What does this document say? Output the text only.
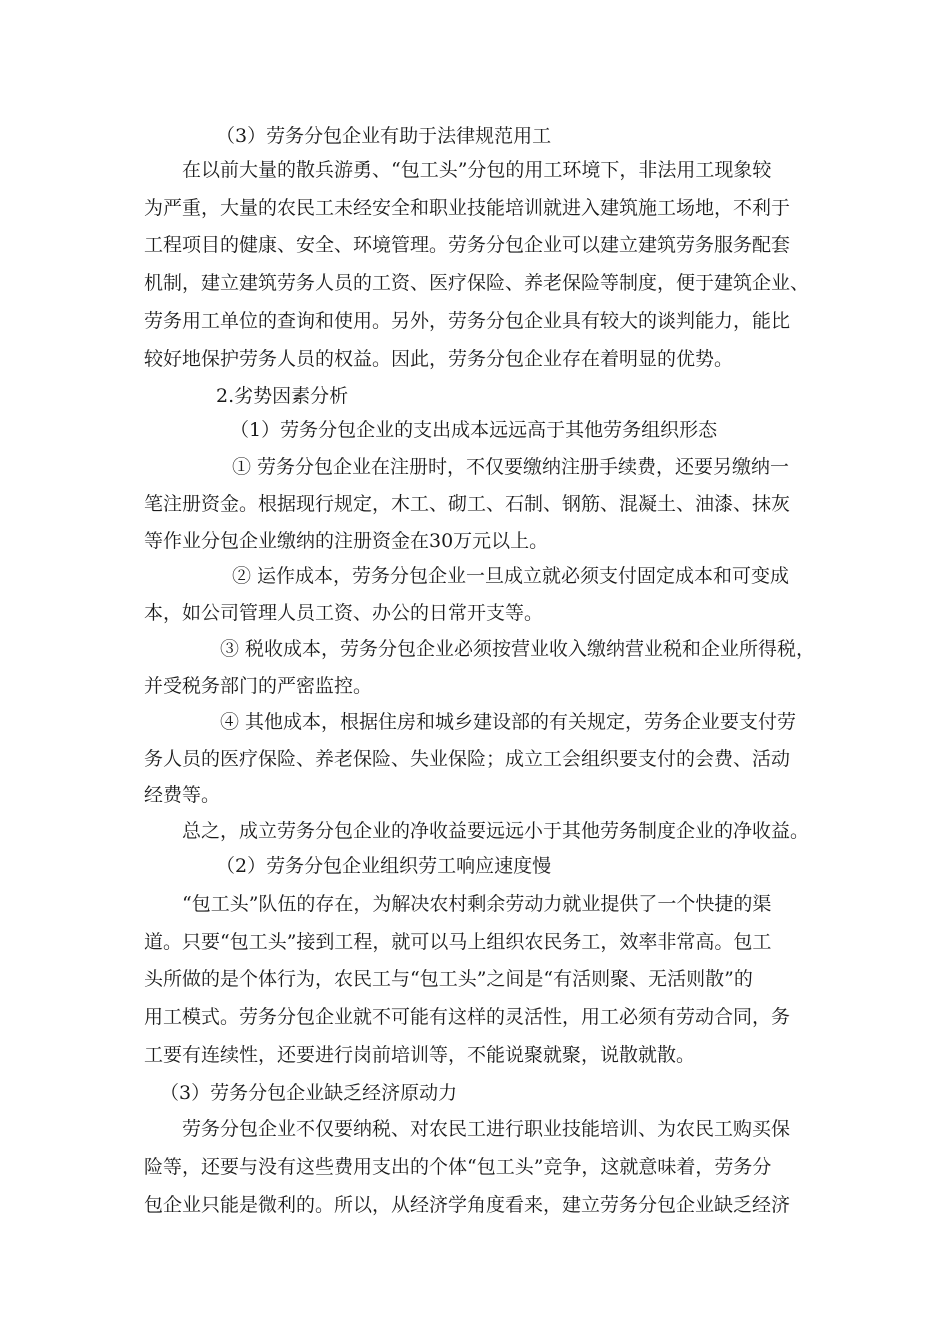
（3）劳务分包企业有助于法律规范用工
在以前大量的散兵游勇、“包工头”分包的用工环境下，非法用工现象较
为严重，大量的农民工未经安全和职业技能培训就进入建筑施工场地，不利于
工程项目的健康、安全、环境管理。劳务分包企业可以建立建筑劳务服务配套
机制，建立建筑劳务人员的工资、医疗保险、养老保险等制度，便于建筑企业、
劳务用工单位的查询和使用。另外，劳务分包企业具有较大的谈判能力，能比
较好地保护劳务人员的权益。因此，劳务分包企业存在着明显的优势。
2.劣势因素分析
（1）劳务分包企业的支出成本远远高于其他劳务组织形态
① 劳务分包企业在注册时，不仅要缴纳注册手续费，还要另缴纳一
笔注册资金。根据现行规定，木工、砌工、石制、钢筋、混凝土、油漆、抹灰
等作业分包企业缴纳的注册资金在30万元以上。
② 运作成本，劳务分包企业一旦成立就必须支付固定成本和可变成
本，如公司管理人员工资、办公的日常开支等。
③ 税收成本，劳务分包企业必须按营业收入缴纳营业税和企业所得税，
并受税务部门的严密监控。
④ 其他成本，根据住房和城乡建设部的有关规定，劳务企业要支付劳
务人员的医疗保险、养老保险、失业保险；成立工会组织要支付的会费、活动
经费等。
总之，成立劳务分包企业的净收益要远远小于其他劳务制度企业的净收益。
（2）劳务分包企业组织劳工响应速度慢
“包工头”队伍的存在，为解决农村剩余劳动力就业提供了一个快捷的渠
道。只要“包工头”接到工程，就可以马上组织农民务工，效率非常高。包工
头所做的是个体行为，农民工与“包工头”之间是“有活则聚、无活则散”的
用工模式。劳务分包企业就不可能有这样的灵活性，用工必须有劳动合同，务
工要有连续性，还要进行岗前培训等，不能说聚就聚，说散就散。
（3）劳务分包企业缺乏经济原动力
劳务分包企业不仅要纳税、对农民工进行职业技能培训、为农民工购买保
险等，还要与没有这些费用支出的个体“包工头”竞争，这就意味着，劳务分
包企业只能是微利的。所以，从经济学角度看来，建立劳务分包企业缺乏经济
